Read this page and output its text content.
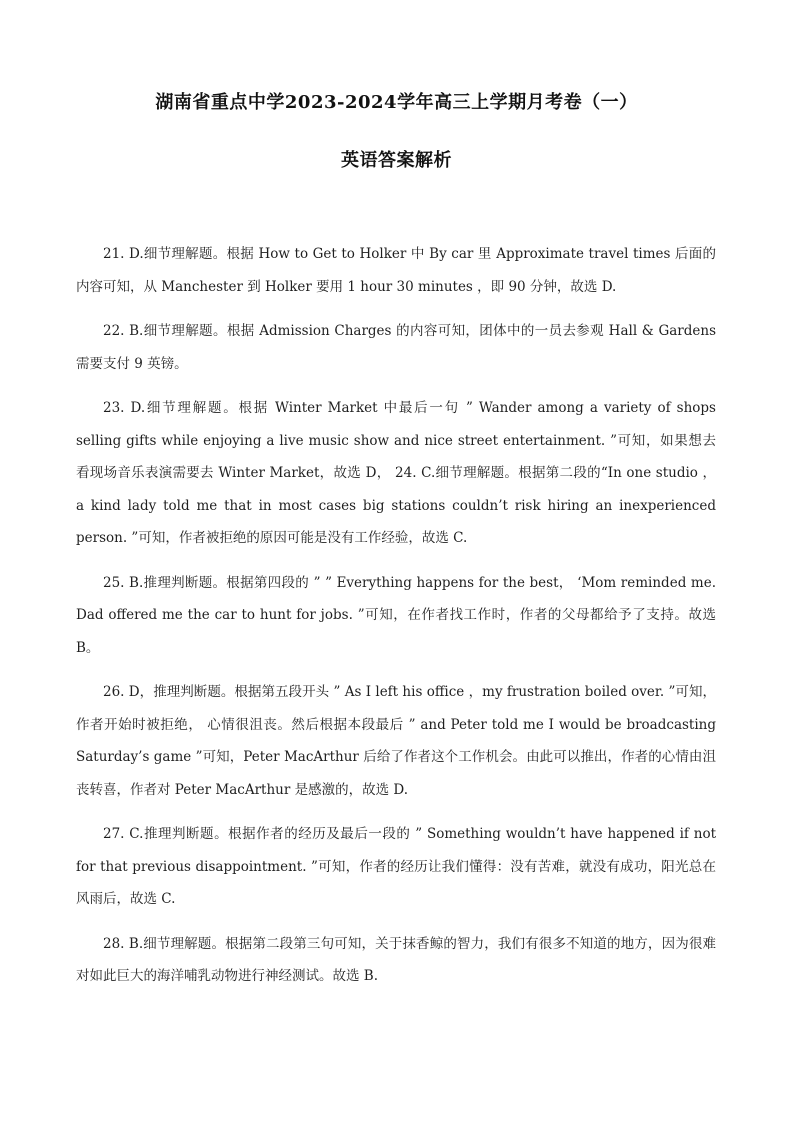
湖南省重点中学2023-2024学年高三上学期月考卷（一）
英语答案解析

21. D.细节理解题。根据 How to Get to Holker 中 By car 里 Approximate travel times 后面的内容可知，从 Manchester 到 Holker 要用 1 hour 30 minutes ，即 90 分钟，故选 D.

22. B.细节理解题。根据 Admission Charges 的内容可知，团体中的一员去参观 Hall & Gardens 需要支付 9 英镑。

23. D.细节理解题。根据 Winter Market 中最后一句 ” Wander among a variety of shops selling gifts while enjoying a live music show and nice street entertainment. ”可知，如果想去看现场音乐表演需要去 Winter Market，故选 D， 24. C.细节理解题。根据第二段的“In one studio ， a kind lady told me that in most cases big stations couldn’t risk hiring an inexperienced person. ”可知，作者被拒绝的原因可能是没有工作经验，故选 C.

25. B.推理判断题。根据第四段的 ” ” Everything happens for the best， ‘Mom reminded me. Dad offered me the car to hunt for jobs. ”可知，在作者找工作时，作者的父母都给予了支持。故选 B。

26. D，推理判断题。根据第五段开头 ” As I left his office ，my frustration boiled over. ”可知，作者开始时被拒绝， 心情很沮丧。然后根据本段最后 ” and Peter told me I would be broadcasting Saturday’s game ”可知，Peter MacArthur 后给了作者这个工作机会。由此可以推出，作者的心情由沮丧转喜，作者对 Peter MacArthur 是感激的，故选 D.

27. C.推理判断题。根据作者的经历及最后一段的 ” Something wouldn’t have happened if not for that previous disappointment. ”可知，作者的经历让我们懂得：没有苦难，就没有成功，阳光总在风雨后，故选 C.

28. B.细节理解题。根据第二段第三句可知，关于抹香鲸的智力，我们有很多不知道的地方，因为很难对如此巨大的海洋哺乳动物进行神经测试。故选 B.
